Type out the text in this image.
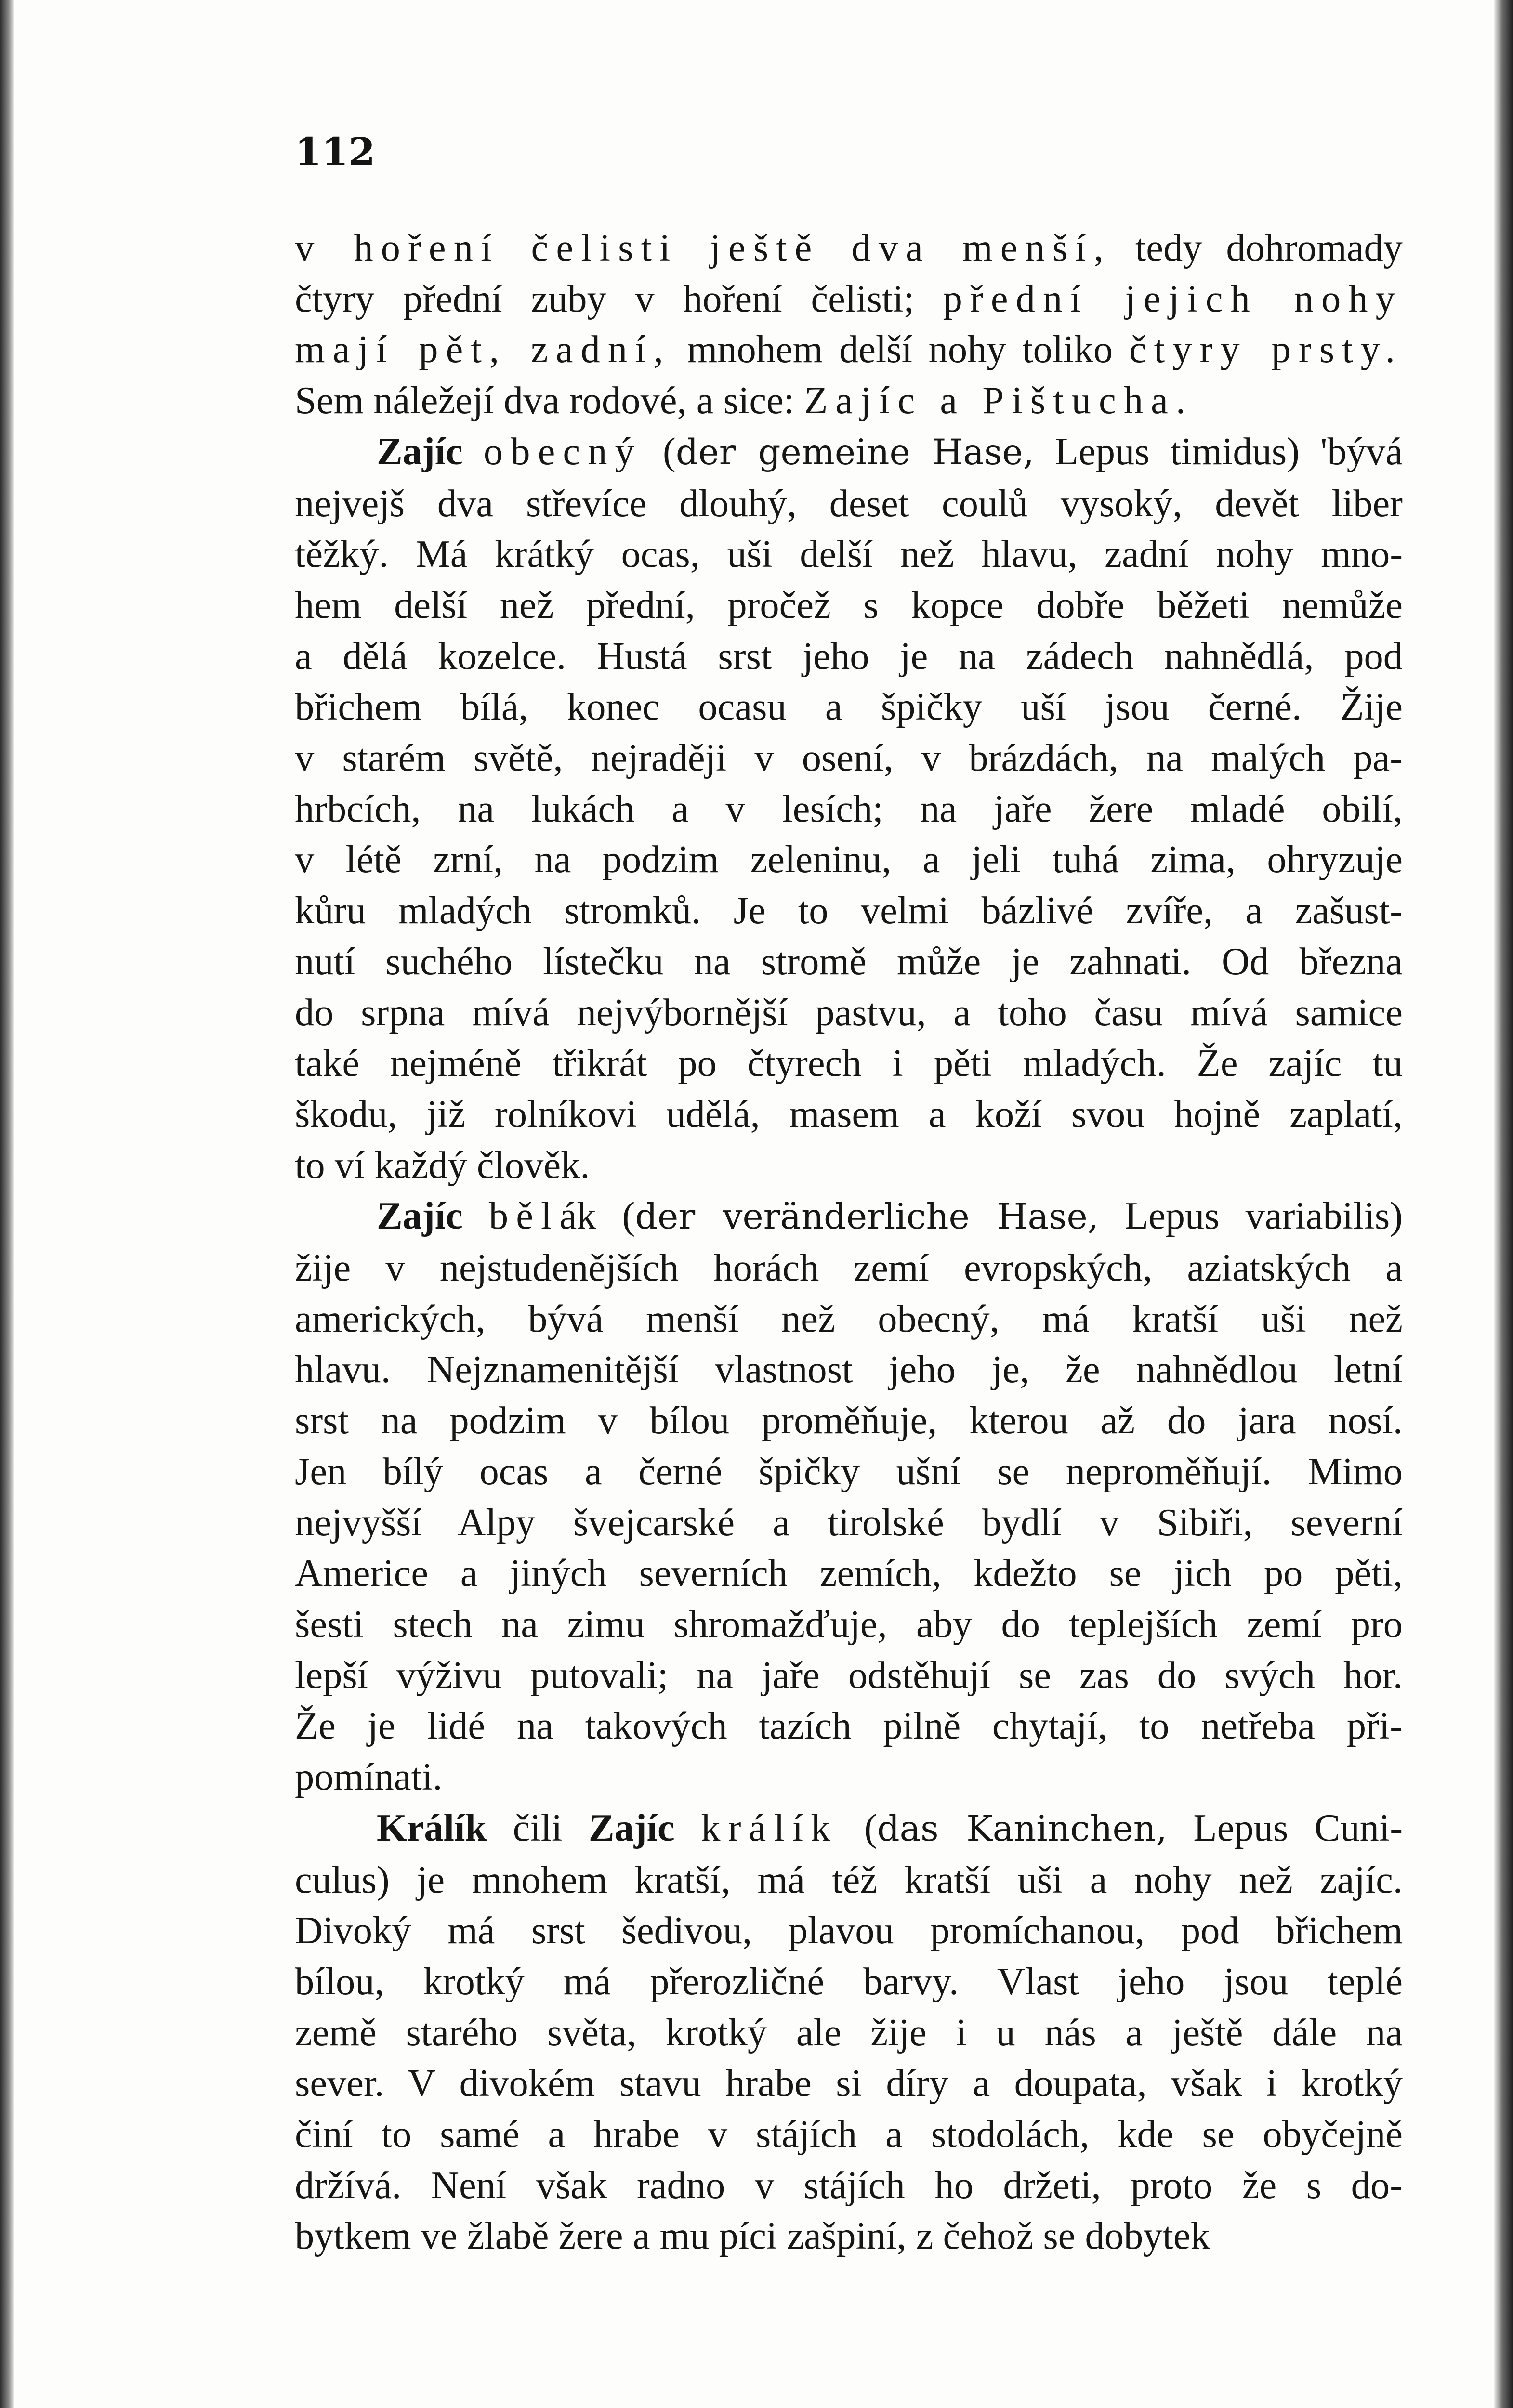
112

v hoření čelisti ještě dva menší, tedy dohromady

čtyry přední zuby v hoření čelisti; přední jejich nohy

mají pět, zadní, mnohem delší nohy toliko čtyry prsty.

Sem náležejí dva rodové, a sice: Zajíc a Pištucha.

Zajíc obecný (der gemeine Hase, Lepus timidus) 'bývá

nejvejš dva střevíce dlouhý, deset coulů vysoký, devět liber

těžký. Má krátký ocas, uši delší než hlavu, zadní nohy mno-

hem delší než přední, pročež s kopce dobře běžeti nemůže

a dělá kozelce. Hustá srst jeho je na zádech nahnědlá, pod

břichem bílá, konec ocasu a špičky uší jsou černé. Žije

v starém světě, nejraději v osení, v brázdách, na malých pa-

hrbcích, na lukách a v lesích; na jaře žere mladé obilí,

v létě zrní, na podzim zeleninu, a jeli tuhá zima, ohryzuje

kůru mladých stromků. Je to velmi bázlivé zvíře, a zašust-

nutí suchého lístečku na stromě může je zahnati. Od března

do srpna mívá nejvýbornější pastvu, a toho času mívá samice

také nejméně třikrát po čtyrech i pěti mladých. Že zajíc tu

škodu, již rolníkovi udělá, masem a koží svou hojně zaplatí,

to ví každý člověk.

Zajíc bělák (der veränderliche Hase, Lepus variabilis)

žije v nejstudenějších horách zemí evropských, aziatských a

amerických, bývá menší než obecný, má kratší uši než

hlavu. Nejznamenitější vlastnost jeho je, že nahnědlou letní

srst na podzim v bílou proměňuje, kterou až do jara nosí.

Jen bílý ocas a černé špičky ušní se neproměňují. Mimo

nejvyšší Alpy švejcarské a tirolské bydlí v Sibiři, severní

Americe a jiných severních zemích, kdežto se jich po pěti,

šesti stech na zimu shromažďuje, aby do teplejších zemí pro

lepší výživu putovali; na jaře odstěhují se zas do svých hor.

Že je lidé na takových tazích pilně chytají, to netřeba při-

pomínati.

Králík čili Zajíc králík (das Kaninchen, Lepus Cuni-

culus) je mnohem kratší, má též kratší uši a nohy než zajíc.

Divoký má srst šedivou, plavou promíchanou, pod břichem

bílou, krotký má přerozličné barvy. Vlast jeho jsou teplé

země starého světa, krotký ale žije i u nás a ještě dále na

sever. V divokém stavu hrabe si díry a doupata, však i krotký

činí to samé a hrabe v stájích a stodolách, kde se obyčejně

držívá. Není však radno v stájích ho držeti, proto že s do-

bytkem ve žlabě žere a mu píci zašpiní, z čehož se dobytek
